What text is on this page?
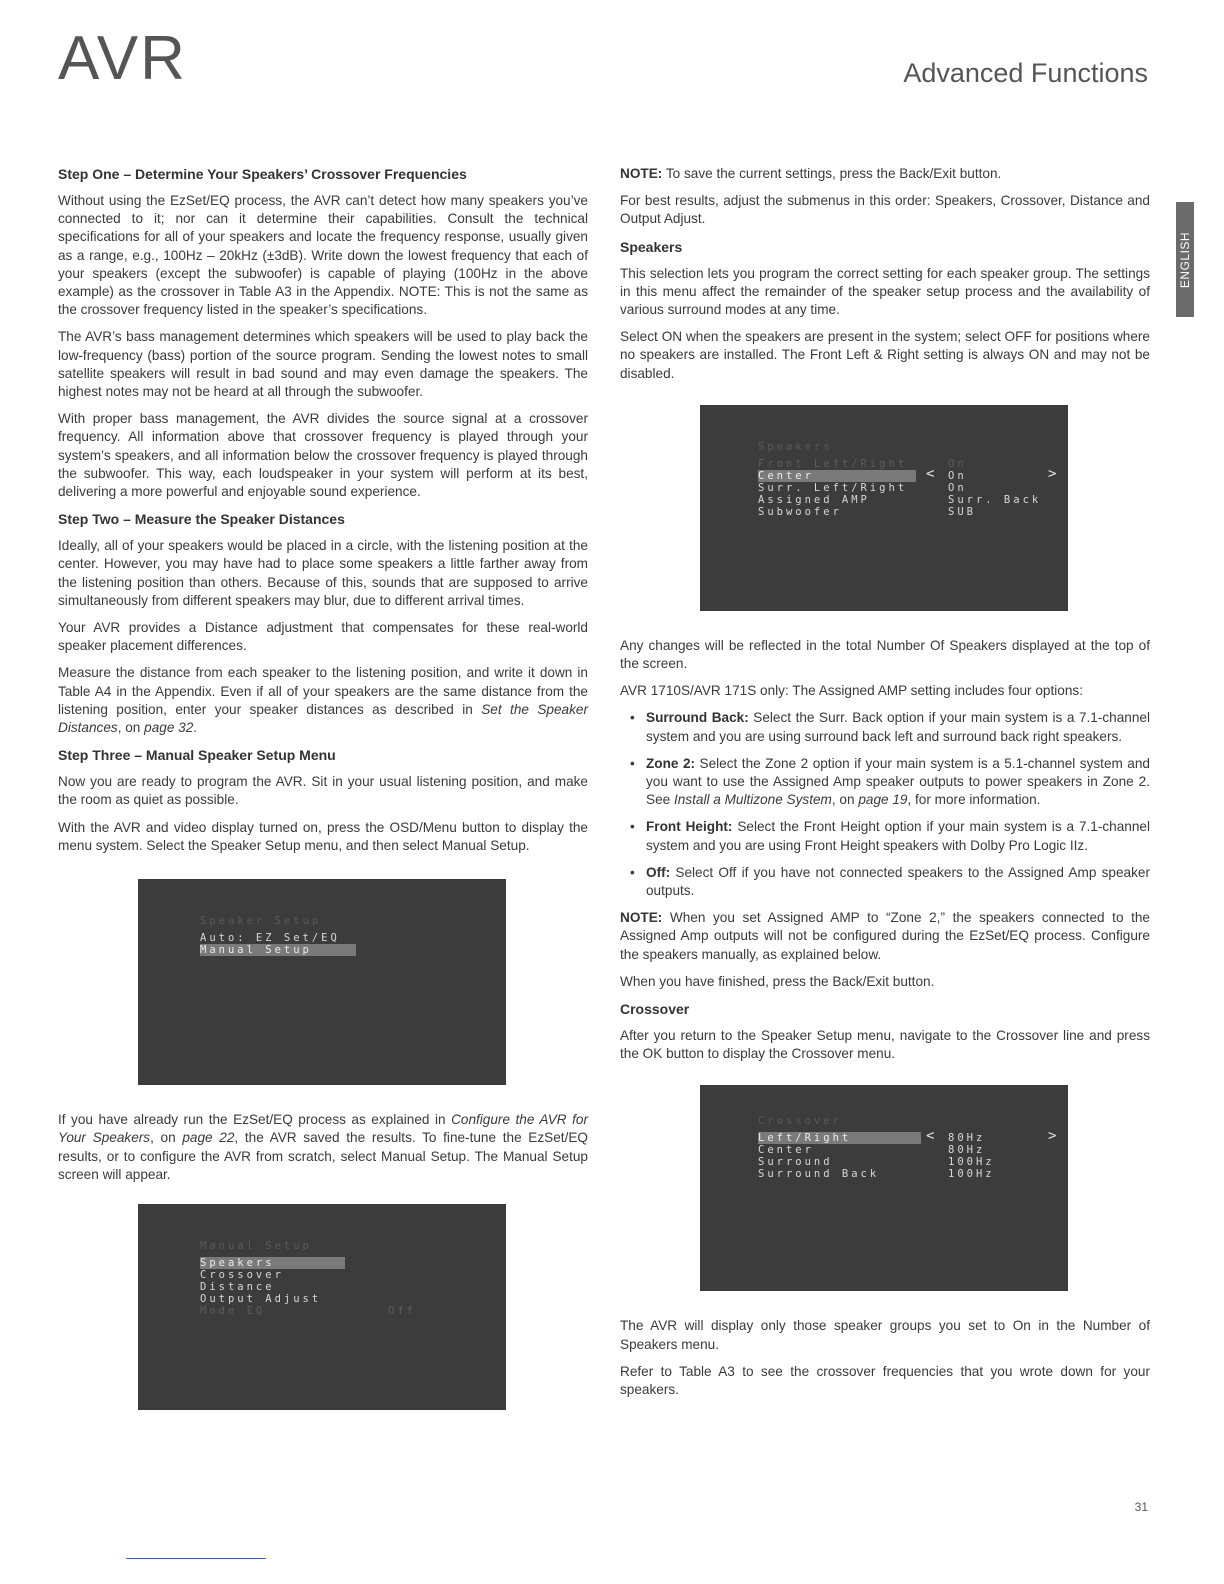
AVR	Advanced Functions
ENGLISH
Step One – Determine Your Speakers’ Crossover Frequencies

Without using the EzSet/EQ process, the AVR can’t detect how many speakers you’ve connected to it; nor can it determine their capabilities. Consult the technical specifications for all of your speakers and locate the frequency response, usually given as a range, e.g., 100Hz – 20kHz (±3dB). Write down the lowest frequency that each of your speakers (except the subwoofer) is capable of playing (100Hz in the above example) as the crossover in Table A3 in the Appendix. NOTE: This is not the same as the crossover frequency listed in the speaker’s specifications.

The AVR’s bass management determines which speakers will be used to play back the low-frequency (bass) portion of the source program. Sending the lowest notes to small satellite speakers will result in bad sound and may even damage the speakers. The highest notes may not be heard at all through the subwoofer.

With proper bass management, the AVR divides the source signal at a crossover frequency. All information above that crossover frequency is played through your system’s speakers, and all information below the crossover frequency is played through the subwoofer. This way, each loudspeaker in your system will perform at its best, delivering a more powerful and enjoyable sound experience.

Step Two – Measure the Speaker Distances

Ideally, all of your speakers would be placed in a circle, with the listening position at the center. However, you may have had to place some speakers a little farther away from the listening position than others. Because of this, sounds that are supposed to arrive simultaneously from different speakers may blur, due to different arrival times.

Your AVR provides a Distance adjustment that compensates for these real-world speaker placement differences.

Measure the distance from each speaker to the listening position, and write it down in Table A4 in the Appendix. Even if all of your speakers are the same distance from the listening position, enter your speaker distances as described in Set the Speaker Distances, on page 32.

Step Three – Manual Speaker Setup Menu

Now you are ready to program the AVR. Sit in your usual listening position, and make the room as quiet as possible.

With the AVR and video display turned on, press the OSD/Menu button to display the menu system. Select the Speaker Setup menu, and then select Manual Setup.

Speaker Setup
Auto: EZ Set/EQ
Manual Setup

If you have already run the EzSet/EQ process as explained in Configure the AVR for Your Speakers, on page 22, the AVR saved the results. To fine-tune the EzSet/EQ results, or to configure the AVR from scratch, select Manual Setup. The Manual Setup screen will appear.

Manual Setup
Speakers
Crossover
Distance
Output Adjust
Mode EQ	Off

NOTE: To save the current settings, press the Back/Exit button.

For best results, adjust the submenus in this order: Speakers, Crossover, Distance and Output Adjust.

Speakers

This selection lets you program the correct setting for each speaker group. The settings in this menu affect the remainder of the speaker setup process and the availability of various surround modes at any time.

Select ON when the speakers are present in the system; select OFF for positions where no speakers are installed. The Front Left & Right setting is always ON and may not be disabled.

Speakers
Front Left/Right	On
Center	< On	>
Surr. Left/Right	On
Assigned AMP	Surr. Back
Subwoofer	SUB

Any changes will be reflected in the total Number Of Speakers displayed at the top of the screen.

AVR 1710S/AVR 171S only: The Assigned AMP setting includes four options:

• Surround Back: Select the Surr. Back option if your main system is a 7.1-channel system and you are using surround back left and surround back right speakers.
• Zone 2: Select the Zone 2 option if your main system is a 5.1-channel system and you want to use the Assigned Amp speaker outputs to power speakers in Zone 2. See Install a Multizone System, on page 19, for more information.
• Front Height: Select the Front Height option if your main system is a 7.1-channel system and you are using Front Height speakers with Dolby Pro Logic IIz.
• Off: Select Off if you have not connected speakers to the Assigned Amp speaker outputs.

NOTE: When you set Assigned AMP to “Zone 2,” the speakers connected to the Assigned Amp outputs will not be configured during the EzSet/EQ process. Configure the speakers manually, as explained below.

When you have finished, press the Back/Exit button.

Crossover

After you return to the Speaker Setup menu, navigate to the Crossover line and press the OK button to display the Crossover menu.

Crossover
Left/Right	< 80Hz	>
Center	80Hz
Surround	100Hz
Surround Back	100Hz

The AVR will display only those speaker groups you set to On in the Number of Speakers menu.

Refer to Table A3 to see the crossover frequencies that you wrote down for your speakers.

31
